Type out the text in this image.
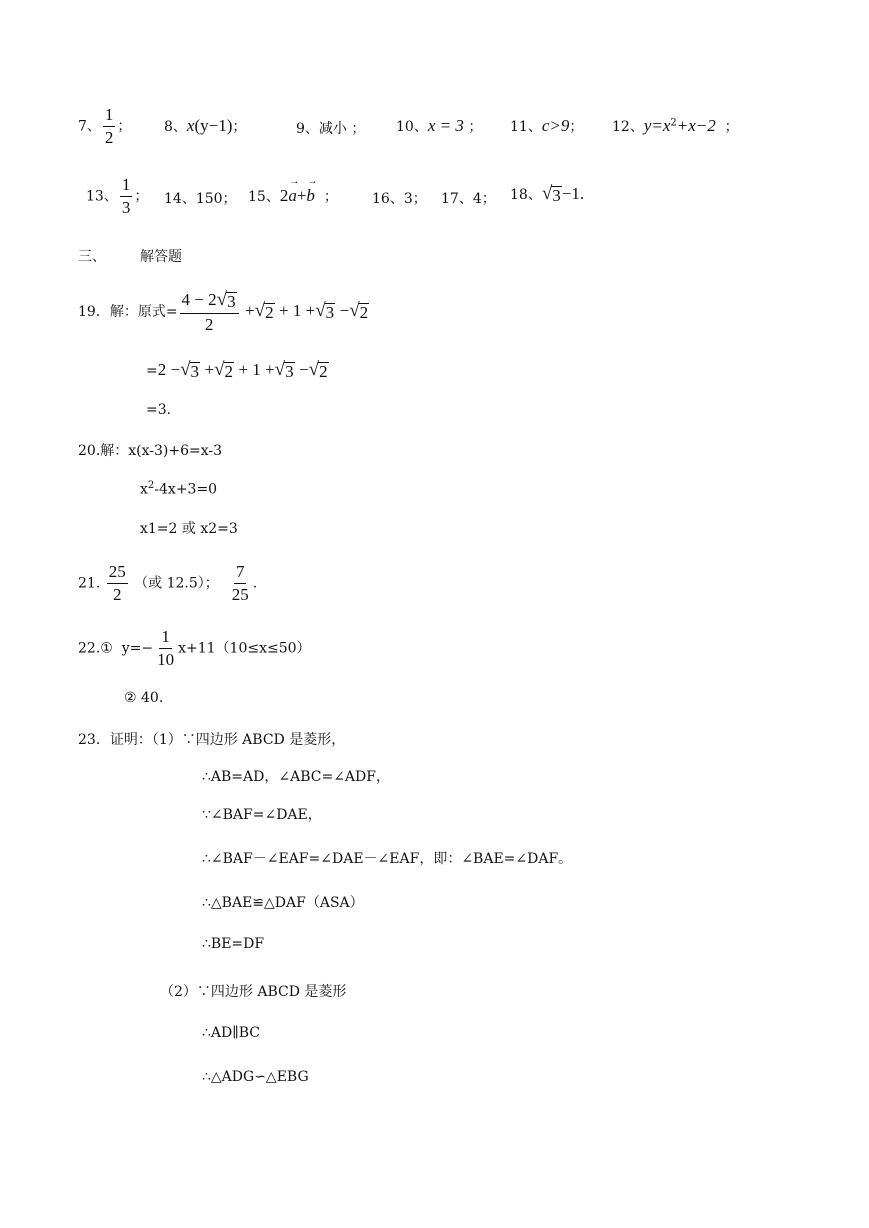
7、 $\frac{1}{2}$ ； 8、x(y−1)；	9、减小 ； 10、x = 3 ； 11、c>9； 12、$y=x^2+x-2$ ；
13、 $\frac{1}{3}$ ； 14、150； 15、2→ a+→ b ； 16、3； 17、4； 18、 √ 3 −1.
三、 解答题
19．解：原式= $\frac{4 - 2 √ 3}{2}$ + √ 2 + 1 + √ 3 − √ 2
=2 − √ 3 + √ 2 + 1 + √ 3 − √ 2
=3.
20.解：x(x-3)+6=x-3
$x^2-4x+3=0$
x1=2 或 x2=3
21. $\frac{25}{2}$ （或 12.5）； $\frac{7}{25}$ .
22.① $y=- \frac{1}{10} x+11(10\le x\le 50)$
② 40.
23．证明：（1）∵四边形 ABCD 是菱形，
∴AB=AD，∠ABC=∠ADF，
∵∠BAF=∠DAE，
∴∠BAF－∠EAF=∠DAE－∠EAF，即：∠BAE=∠DAF。
∴△BAE≌△DAF（ASA）
∴BE=DF
（2）∵四边形 ABCD 是菱形
∴AD∥BC
∴△ADG∽△EBG
